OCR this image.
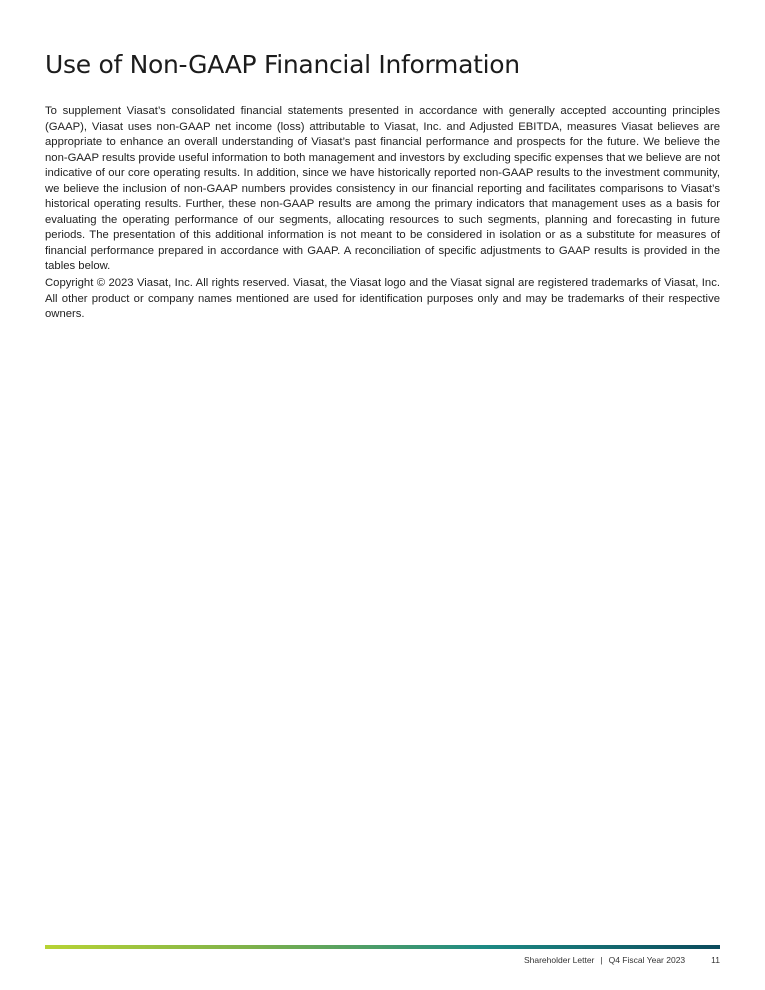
Use of Non-GAAP Financial Information

To supplement Viasat’s consolidated financial statements presented in accordance with generally accepted accounting principles (GAAP), Viasat uses non-GAAP net income (loss) attributable to Viasat, Inc. and Adjusted EBITDA, measures Viasat believes are appropriate to enhance an overall understanding of Viasat’s past financial performance and prospects for the future. We believe the non-GAAP results provide useful information to both management and investors by excluding specific expenses that we believe are not indicative of our core operating results. In addition, since we have historically reported non-GAAP results to the investment community, we believe the inclusion of non-GAAP numbers provides consistency in our financial reporting and facilitates comparisons to Viasat’s historical operating results. Further, these non-GAAP results are among the primary indicators that management uses as a basis for evaluating the operating performance of our segments, allocating resources to such segments, planning and forecasting in future periods. The presentation of this additional information is not meant to be considered in isolation or as a substitute for measures of financial performance prepared in accordance with GAAP. A reconciliation of specific adjustments to GAAP results is provided in the tables below.

Copyright © 2023 Viasat, Inc. All rights reserved. Viasat, the Viasat logo and the Viasat signal are registered trademarks of Viasat, Inc. All other product or company names mentioned are used for identification purposes only and may be trademarks of their respective owners.

Shareholder Letter | Q4 Fiscal Year 2023	11
